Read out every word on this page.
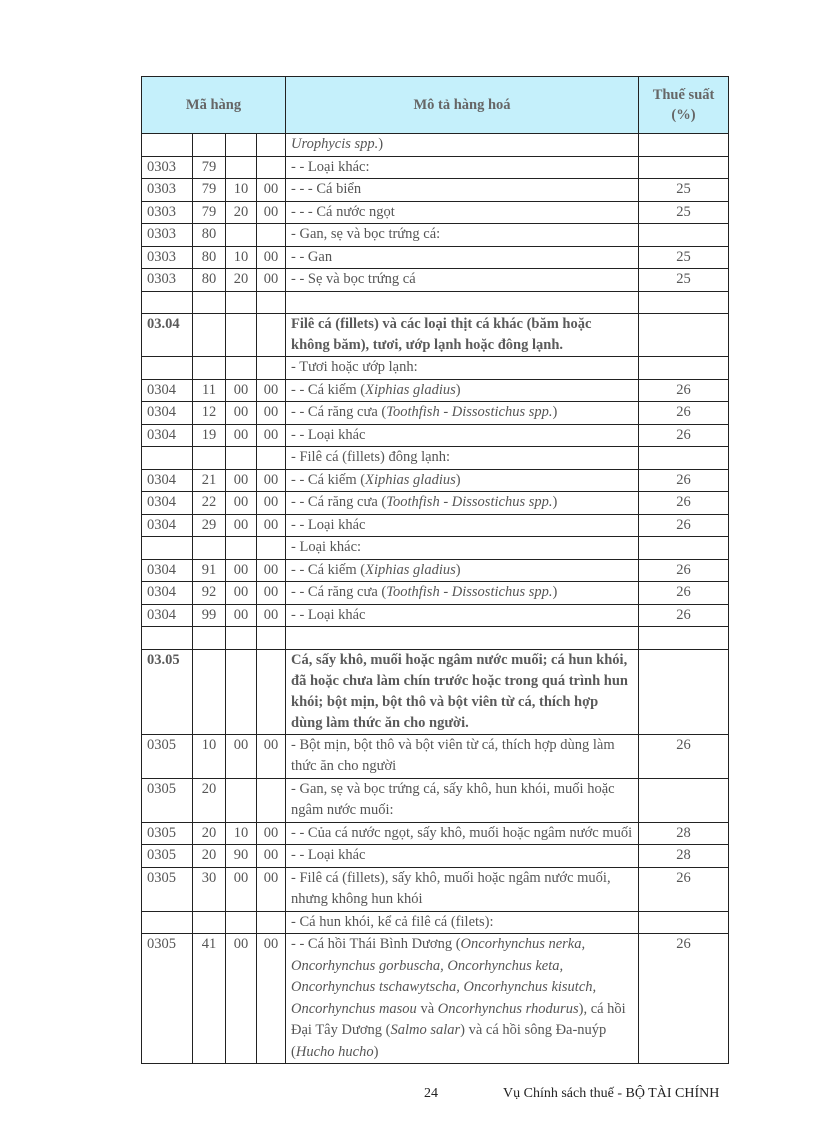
Mã hàng				Mô tả hàng hoá	Thuế suất (%)
				Urophycis spp.)	
0303	79			- - Loại khác:	
0303	79	10	00	- - - Cá biển	25
0303	79	20	00	- - - Cá nước ngọt	25
0303	80			- Gan, sẹ và bọc trứng cá:	
0303	80	10	00	- - Gan	25
0303	80	20	00	- - Sẹ và bọc trứng cá	25

03.04				Filê cá (fillets) và các loại thịt cá khác (băm hoặc không băm), tươi, ướp lạnh hoặc đông lạnh.	
				- Tươi hoặc ướp lạnh:	
0304	11	00	00	- - Cá kiếm (Xiphias gladius)	26
0304	12	00	00	- - Cá răng cưa (Toothfish - Dissostichus spp.)	26
0304	19	00	00	- - Loại khác	26
				- Filê cá (fillets) đông lạnh:	
0304	21	00	00	- - Cá kiếm (Xiphias gladius)	26
0304	22	00	00	- - Cá răng cưa (Toothfish - Dissostichus spp.)	26
0304	29	00	00	- - Loại khác	26
				- Loại khác:	
0304	91	00	00	- - Cá kiếm (Xiphias gladius)	26
0304	92	00	00	- - Cá răng cưa (Toothfish - Dissostichus spp.)	26
0304	99	00	00	- - Loại khác	26

03.05				Cá, sấy khô, muối hoặc ngâm nước muối; cá hun khói, đã hoặc chưa làm chín trước hoặc trong quá trình hun khói; bột mịn, bột thô và bột viên từ cá, thích hợp dùng làm thức ăn cho người.	
0305	10	00	00	- Bột mịn, bột thô và bột viên từ cá, thích hợp dùng làm thức ăn cho người	26
0305	20			- Gan, sẹ và bọc trứng cá, sấy khô, hun khói, muối hoặc ngâm nước muối:	
0305	20	10	00	- - Của cá nước ngọt, sấy khô, muối hoặc ngâm nước muối	28
0305	20	90	00	- - Loại khác	28
0305	30	00	00	- Filê cá (fillets), sấy khô, muối hoặc ngâm nước muối, nhưng không hun khói	26
				- Cá hun khói, kể cả filê cá (filets):	
0305	41	00	00	- - Cá hồi Thái Bình Dương (Oncorhynchus nerka, Oncorhynchus gorbuscha, Oncorhynchus keta, Oncorhynchus tschawytscha, Oncorhynchus kisutch, Oncorhynchus masou và Oncorhynchus rhodurus), cá hồi Đại Tây Dương (Salmo salar) và cá hồi sông Đa-nuýp (Hucho hucho)	26
24	Vụ Chính sách thuế - BỘ TÀI CHÍNH
